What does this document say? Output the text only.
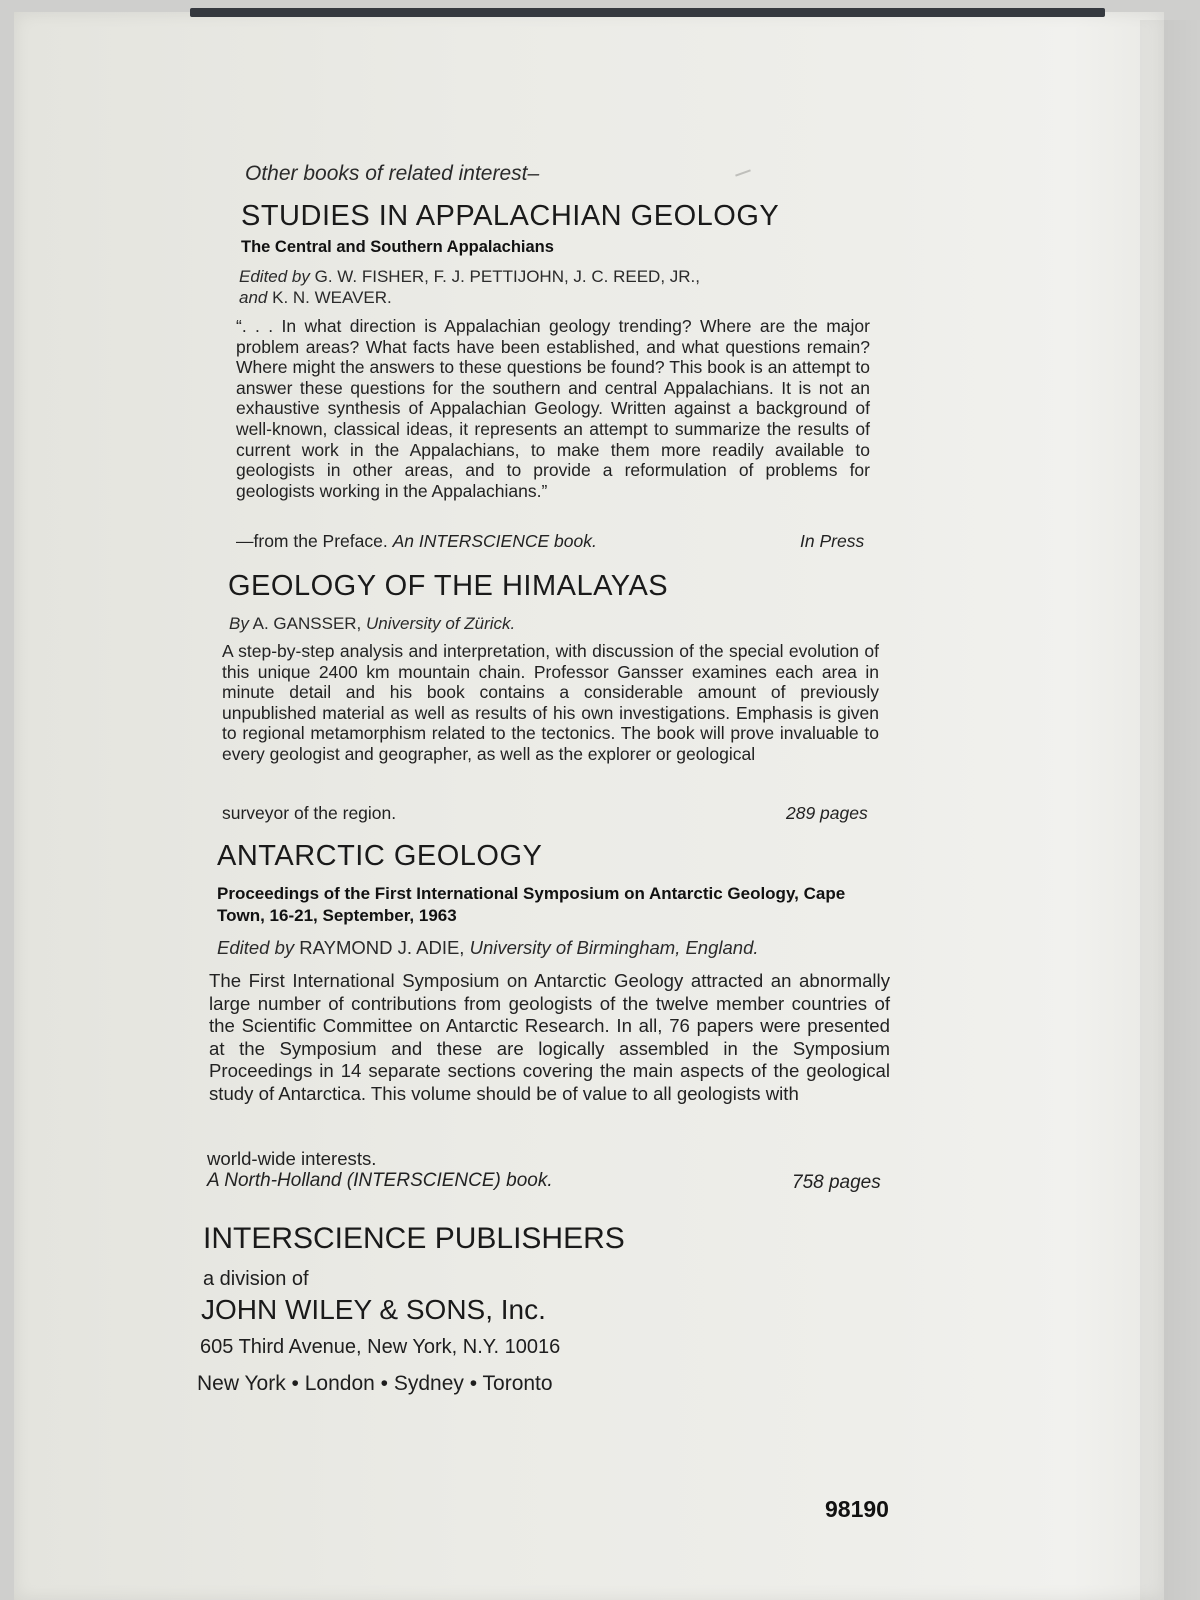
Other books of related interest–

STUDIES IN APPALACHIAN GEOLOGY

The Central and Southern Appalachians

Edited by G. W. FISHER, F. J. PETTIJOHN, J. C. REED, JR.,
and K. N. WEAVER.

“. . . In what direction is Appalachian geology trending? Where are the major problem areas? What facts have been established, and what questions remain? Where might the answers to these questions be found? This book is an attempt to answer these questions for the southern and central Appalachians. It is not an exhaustive synthesis of Appalachian Geology. Written against a background of well-known, classical ideas, it represents an attempt to summarize the results of current work in the Appalachians, to make them more readily available to geologists in other areas, and to provide a reformulation of problems for geologists working in the Appalachians.”

—from the Preface. An INTERSCIENCE book.	In Press

GEOLOGY OF THE HIMALAYAS

By A. GANSSER, University of Zürick.

A step-by-step analysis and interpretation, with discussion of the special evolution of this unique 2400 km mountain chain. Professor Gansser examines each area in minute detail and his book contains a considerable amount of previously unpublished material as well as results of his own investigations. Emphasis is given to regional metamorphism related to the tectonics. The book will prove invaluable to every geologist and geographer, as well as the explorer or geological

surveyor of the region.	289 pages

ANTARCTIC GEOLOGY

Proceedings of the First International Symposium on Antarctic Geology, Cape Town, 16-21, September, 1963

Edited by RAYMOND J. ADIE, University of Birmingham, England.

The First International Symposium on Antarctic Geology attracted an abnormally large number of contributions from geologists of the twelve member countries of the Scientific Committee on Antarctic Research. In all, 76 papers were presented at the Symposium and these are logically assembled in the Symposium Proceedings in 14 separate sections covering the main aspects of the geological study of Antarctica. This volume should be of value to all geologists with

world-wide interests.

A North-Holland (INTERSCIENCE) book.	758 pages

INTERSCIENCE PUBLISHERS

a division of

JOHN WILEY & SONS, Inc.

605 Third Avenue, New York, N.Y. 10016

New York • London • Sydney • Toronto

98190
